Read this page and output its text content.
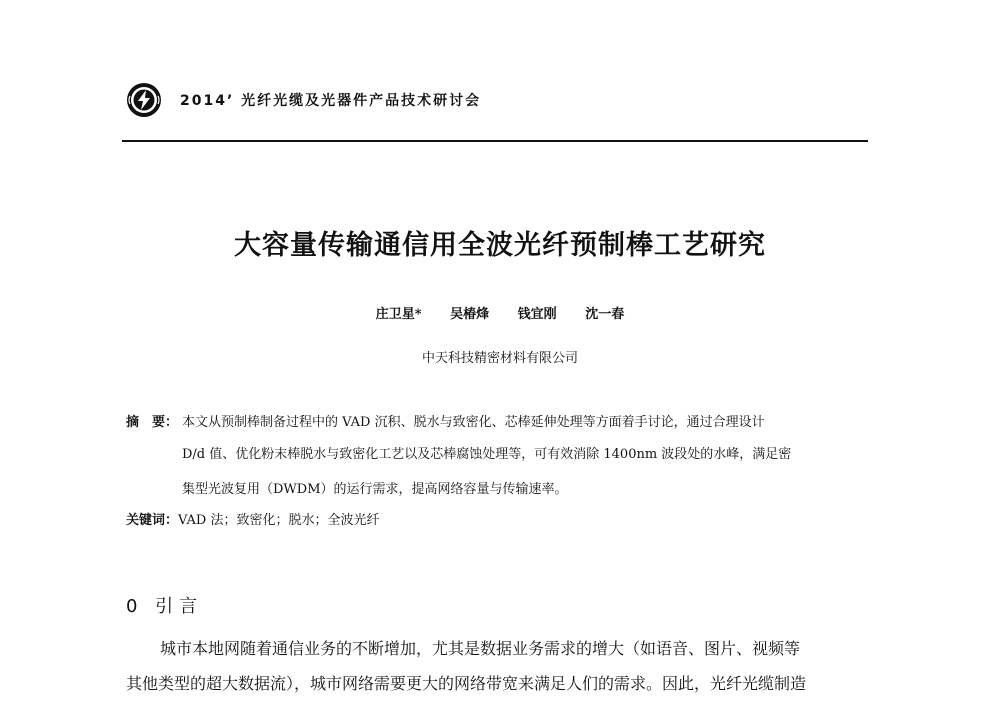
2014’ 光纤光缆及光器件产品技术研讨会
大容量传输通信用全波光纤预制棒工艺研究
庄卫星* 吴椿烽 钱宜刚 沈一春
中天科技精密材料有限公司
摘　要： 本文从预制棒制备过程中的 VAD 沉积、脱水与致密化、芯棒延伸处理等方面着手讨论，通过合理设计
D/d 值、优化粉末棒脱水与致密化工艺以及芯棒腐蚀处理等，可有效消除 1400nm 波段处的水峰，满足密
集型光波复用（DWDM）的运行需求，提高网络容量与传输速率。
关键词：VAD 法；致密化；脱水；全波光纤
0 引言
城市本地网随着通信业务的不断增加，尤其是数据业务需求的增大（如语音、图片、视频等
其他类型的超大数据流），城市网络需要更大的网络带宽来满足人们的需求。因此，光纤光缆制造
